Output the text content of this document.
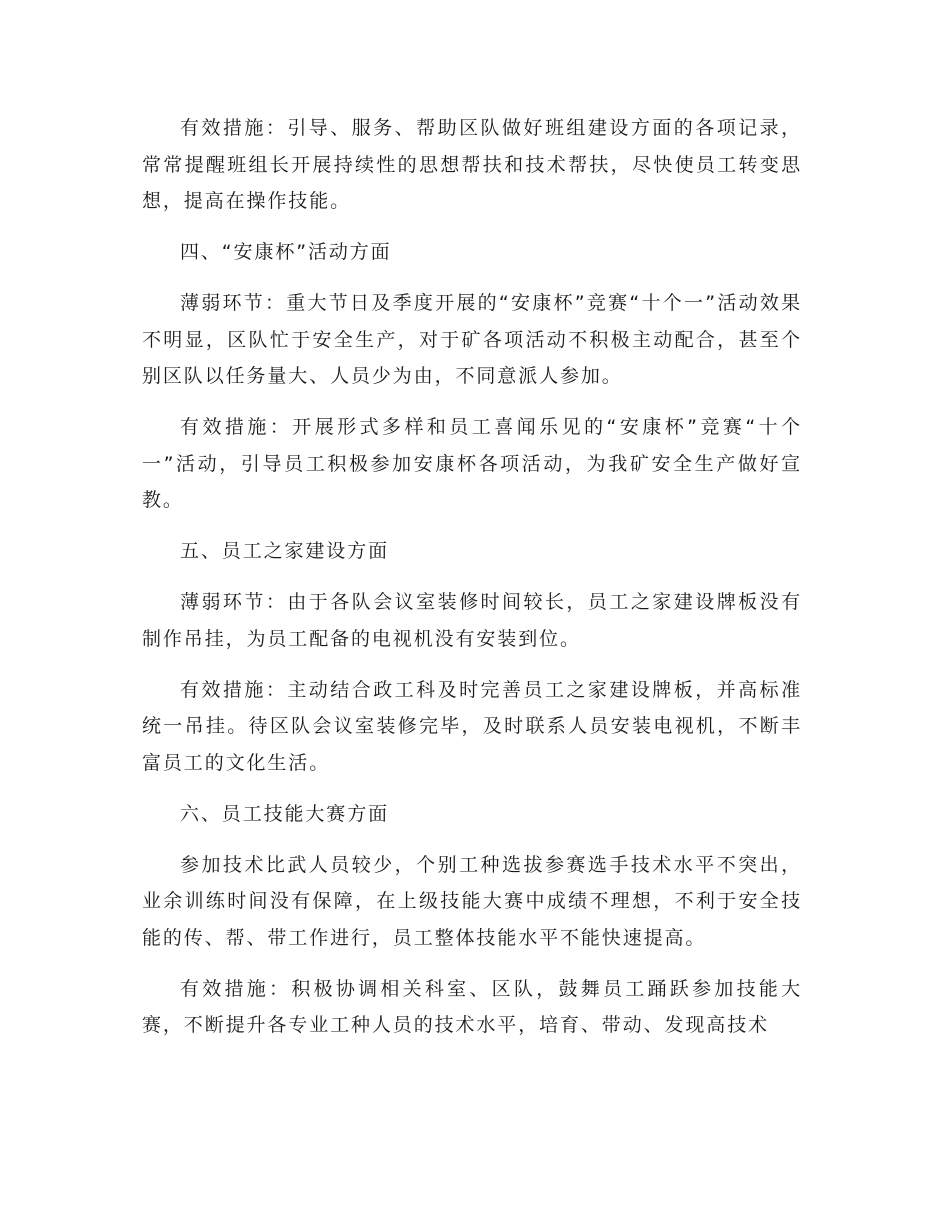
有效措施：引导、服务、帮助区队做好班组建设方面的各项记录，常常提醒班组长开展持续性的思想帮扶和技术帮扶，尽快使员工转变思想，提高在操作技能。

四、“安康杯”活动方面

薄弱环节：重大节日及季度开展的“安康杯”竞赛“十个一”活动效果不明显，区队忙于安全生产，对于矿各项活动不积极主动配合，甚至个别区队以任务量大、人员少为由，不同意派人参加。

有效措施：开展形式多样和员工喜闻乐见的“安康杯”竞赛“十个一”活动，引导员工积极参加安康杯各项活动，为我矿安全生产做好宣教。

五、员工之家建设方面

薄弱环节：由于各队会议室装修时间较长，员工之家建设牌板没有制作吊挂，为员工配备的电视机没有安装到位。

有效措施：主动结合政工科及时完善员工之家建设牌板，并高标准统一吊挂。待区队会议室装修完毕，及时联系人员安装电视机，不断丰富员工的文化生活。

六、员工技能大赛方面

参加技术比武人员较少，个别工种选拔参赛选手技术水平不突出，业余训练时间没有保障，在上级技能大赛中成绩不理想，不利于安全技能的传、帮、带工作进行，员工整体技能水平不能快速提高。

有效措施：积极协调相关科室、区队，鼓舞员工踊跃参加技能大赛，不断提升各专业工种人员的技术水平，培育、带动、发现高技术
